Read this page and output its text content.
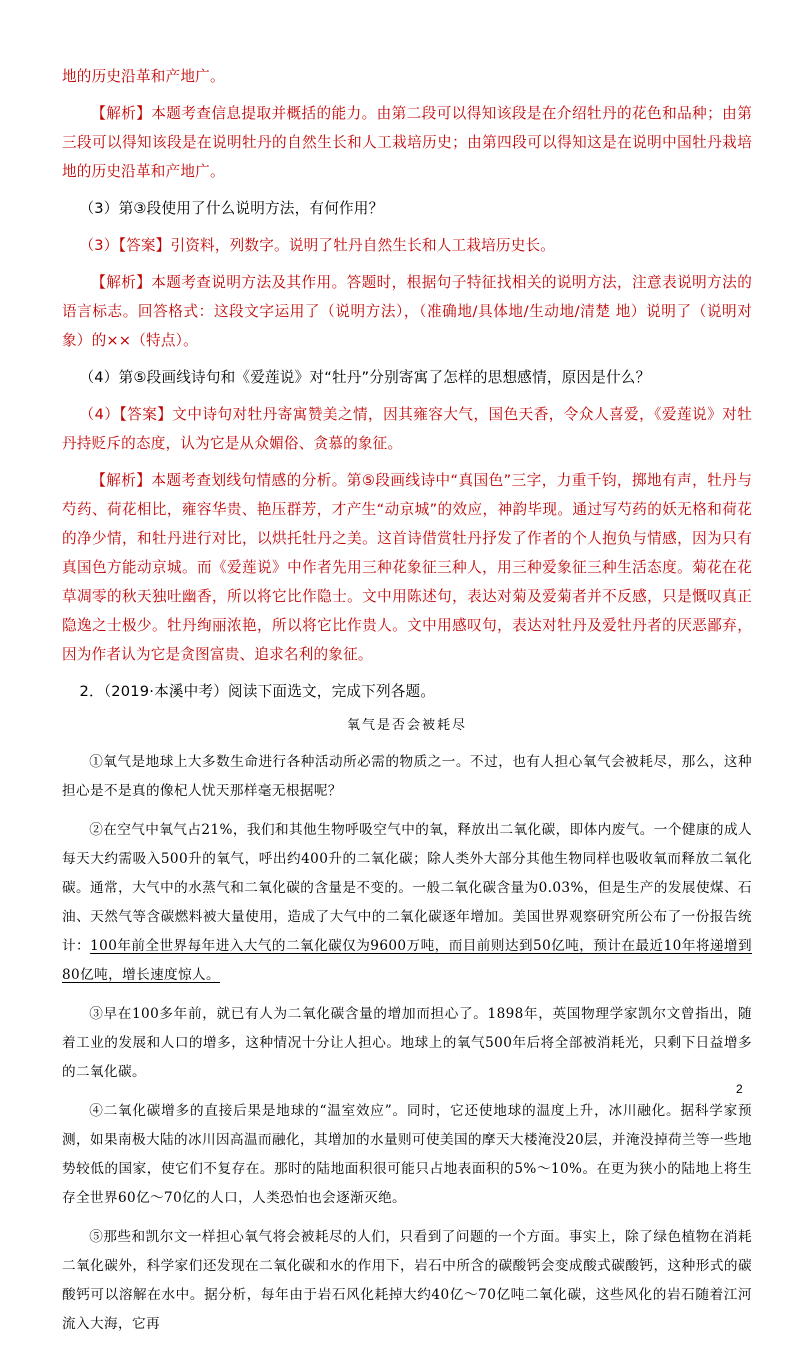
地的历史沿革和产地广。

【解析】本题考查信息提取并概括的能力。由第二段可以得知该段是在介绍牡丹的花色和品种；由第三段可以得知该段是在说明牡丹的自然生长和人工栽培历史；由第四段可以得知这是在说明中国牡丹栽培地的历史沿革和产地广。

（3）第③段使用了什么说明方法，有何作用？

（3）【答案】引资料，列数字。说明了牡丹自然生长和人工栽培历史长。

【解析】本题考查说明方法及其作用。答题时，根据句子特征找相关的说明方法，注意表说明方法的语言标志。回答格式：这段文字运用了（说明方法），（准确地/具体地/生动地/清楚 地）说明了（说明对象）的××（特点）。

（4）第⑤段画线诗句和《爱莲说》对“牡丹”分别寄寓了怎样的思想感情，原因是什么？

（4）【答案】文中诗句对牡丹寄寓赞美之情，因其雍容大气，国色天香，令众人喜爱，《爱莲说》对牡丹持贬斥的态度，认为它是从众媚俗、贪慕的象征。

【解析】本题考查划线句情感的分析。第⑤段画线诗中“真国色”三字，力重千钧，掷地有声，牡丹与芍药、荷花相比，雍容华贵、艳压群芳，才产生“动京城”的效应，神韵毕现。通过写芍药的妖无格和荷花的净少情，和牡丹进行对比，以烘托牡丹之美。这首诗借赏牡丹抒发了作者的个人抱负与情感，因为只有真国色方能动京城。而《爱莲说》中作者先用三种花象征三种人，用三种爱象征三种生活态度。菊花在花草凋零的秋天独吐幽香，所以将它比作隐士。文中用陈述句，表达对菊及爱菊者并不反感，只是慨叹真正隐逸之士极少。牡丹绚丽浓艳，所以将它比作贵人。文中用感叹句，表达对牡丹及爱牡丹者的厌恶鄙弃，因为作者认为它是贪图富贵、追求名利的象征。

2．（2019·本溪中考）阅读下面选文，完成下列各题。

氧气是否会被耗尽

①氧气是地球上大多数生命进行各种活动所必需的物质之一。不过，也有人担心氧气会被耗尽，那么，这种担心是不是真的像杞人忧天那样毫无根据呢？

②在空气中氧气占21%，我们和其他生物呼吸空气中的氧，释放出二氧化碳，即体内废气。一个健康的成人每天大约需吸入500升的氧气，呼出约400升的二氧化碳；除人类外大部分其他生物同样也吸收氧而释放二氧化碳。通常，大气中的水蒸气和二氧化碳的含量是不变的。一般二氧化碳含量为0.03%，但是生产的发展使煤、石油、天然气等含碳燃料被大量使用，造成了大气中的二氧化碳逐年增加。美国世界观察研究所公布了一份报告统计：100年前全世界每年进入大气的二氧化碳仅为9600万吨，而目前则达到50亿吨，预计在最近10年将递增到80亿吨，增长速度惊人。

③早在100多年前，就已有人为二氧化碳含量的增加而担心了。1898年，英国物理学家凯尔文曾指出，随着工业的发展和人口的增多，这种情况十分让人担心。地球上的氧气500年后将全部被消耗光，只剩下日益增多的二氧化碳。

④二氧化碳增多的直接后果是地球的“温室效应”。同时，它还使地球的温度上升，冰川融化。据科学家预测，如果南极大陆的冰川因高温而融化，其增加的水量则可使美国的摩天大楼淹没20层，并淹没掉荷兰等一些地势较低的国家，使它们不复存在。那时的陆地面积很可能只占地表面积的5%～10%。在更为狭小的陆地上将生存全世界60亿～70亿的人口，人类恐怕也会逐渐灭绝。

⑤那些和凯尔文一样担心氧气将会被耗尽的人们，只看到了问题的一个方面。事实上，除了绿色植物在消耗二氧化碳外，科学家们还发现在二氧化碳和水的作用下，岩石中所含的碳酸钙会变成酸式碳酸钙，这种形式的碳酸钙可以溶解在水中。据分析，每年由于岩石风化耗掉大约40亿～70亿吨二氧化碳，这些风化的岩石随着江河流入大海，它再

2
